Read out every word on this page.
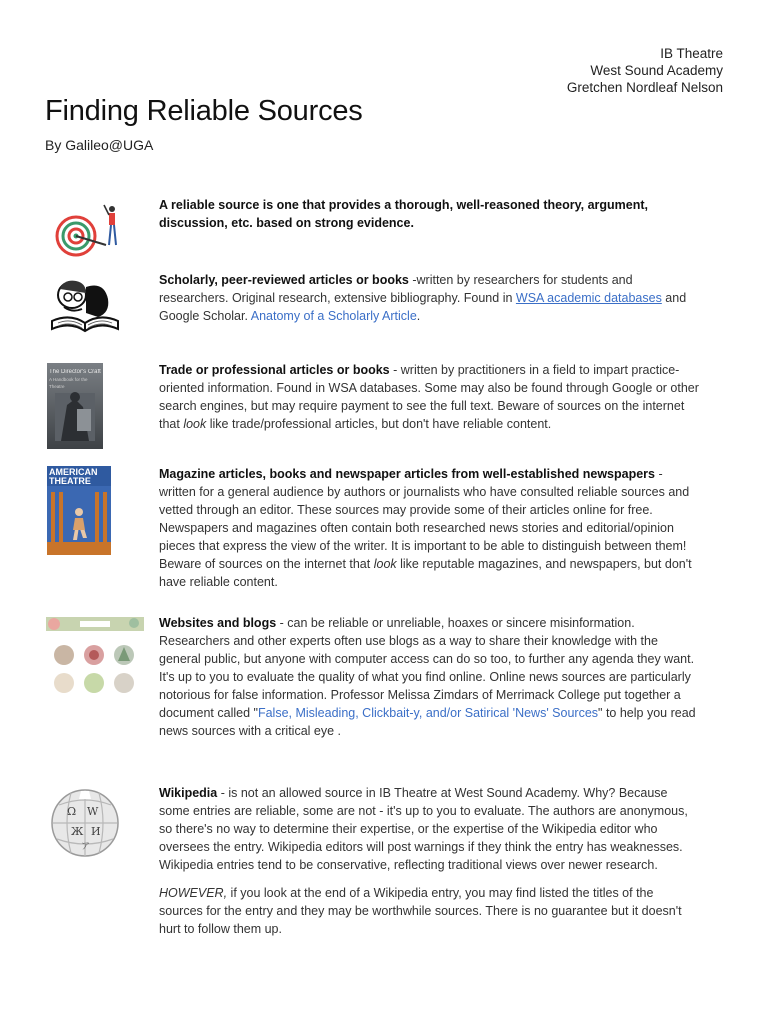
IB Theatre
West Sound Academy
Gretchen Nordleaf Nelson
Finding Reliable Sources
By Galileo@UGA

A reliable source is one that provides a thorough, well-reasoned theory, argument, discussion, etc. based on strong evidence.

Scholarly, peer-reviewed articles or books -written by researchers for students and researchers. Original research, extensive bibliography. Found in WSA academic databases and Google Scholar. Anatomy of a Scholarly Article.

The Director's Craft
A Handbook for the Theatre

Trade or professional articles or books - written by practitioners in a field to impart practice-oriented information. Found in WSA databases. Some may also be found through Google or other search engines, but may require payment to see the full text. Beware of sources on the internet that look like trade/professional articles, but don't have reliable content.

AMERICAN THEATRE	Magazine articles, books and newspaper articles from well-established newspapers - written for a general audience by authors or journalists who have consulted reliable sources and vetted through an editor. These sources may provide some of their articles online for free. Newspapers and magazines often contain both researched news stories and editorial/opinion pieces that express the view of the writer. It is important to be able to distinguish between them! Beware of sources on the internet that look like reputable magazines, and newspapers, but don't have reliable content.

Websites and blogs - can be reliable or unreliable, hoaxes or sincere misinformation. Researchers and other experts often use blogs as a way to share their knowledge with the general public, but anyone with computer access can do so too, to further any agenda they want. It's up to you to evaluate the quality of what you find online. Online news sources are particularly notorious for false information. Professor Melissa Zimdars of Merrimack College put together a document called "False, Misleading, Clickbait-y, and/or Satirical 'News' Sources" to help you read news sources with a critical eye .

Ω W
Ж И
ア

Wikipedia - is not an allowed source in IB Theatre at West Sound Academy. Why? Because some entries are reliable, some are not - it's up to you to evaluate. The authors are anonymous, so there's no way to determine their expertise, or the expertise of the Wikipedia editor who oversees the entry. Wikipedia editors will post warnings if they think the entry has weaknesses. Wikipedia entries tend to be conservative, reflecting traditional views over newer research.

HOWEVER, if you look at the end of a Wikipedia entry, you may find listed the titles of the sources for the entry and they may be worthwhile sources. There is no guarantee but it doesn't hurt to follow them up.
